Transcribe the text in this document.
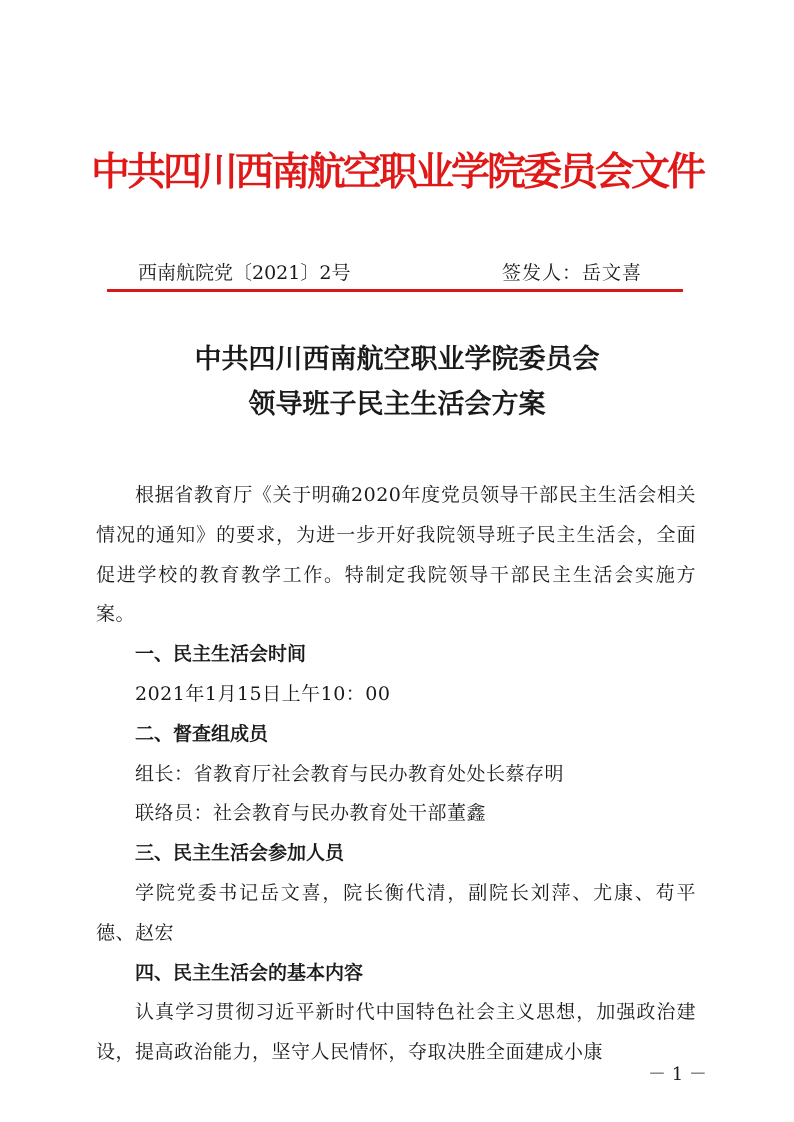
中共四川西南航空职业学院委员会文件
西南航院党〔2021〕2号	签发人：岳文喜
中共四川西南航空职业学院委员会
领导班子民主生活会方案

根据省教育厅《关于明确2020年度党员领导干部民主生活会相关情况的通知》的要求，为进一步开好我院领导班子民主生活会，全面促进学校的教育教学工作。特制定我院领导干部民主生活会实施方案。

一、民主生活会时间

2021年1月15日上午10：00

二、督查组成员

组长：省教育厅社会教育与民办教育处处长蔡存明

联络员：社会教育与民办教育处干部董鑫

三、民主生活会参加人员

学院党委书记岳文喜，院长衡代清，副院长刘萍、尤康、苟平德、赵宏

四、民主生活会的基本内容

认真学习贯彻习近平新时代中国特色社会主义思想，加强政治建设，提高政治能力，坚守人民情怀，夺取决胜全面建成小康

－ 1 －
